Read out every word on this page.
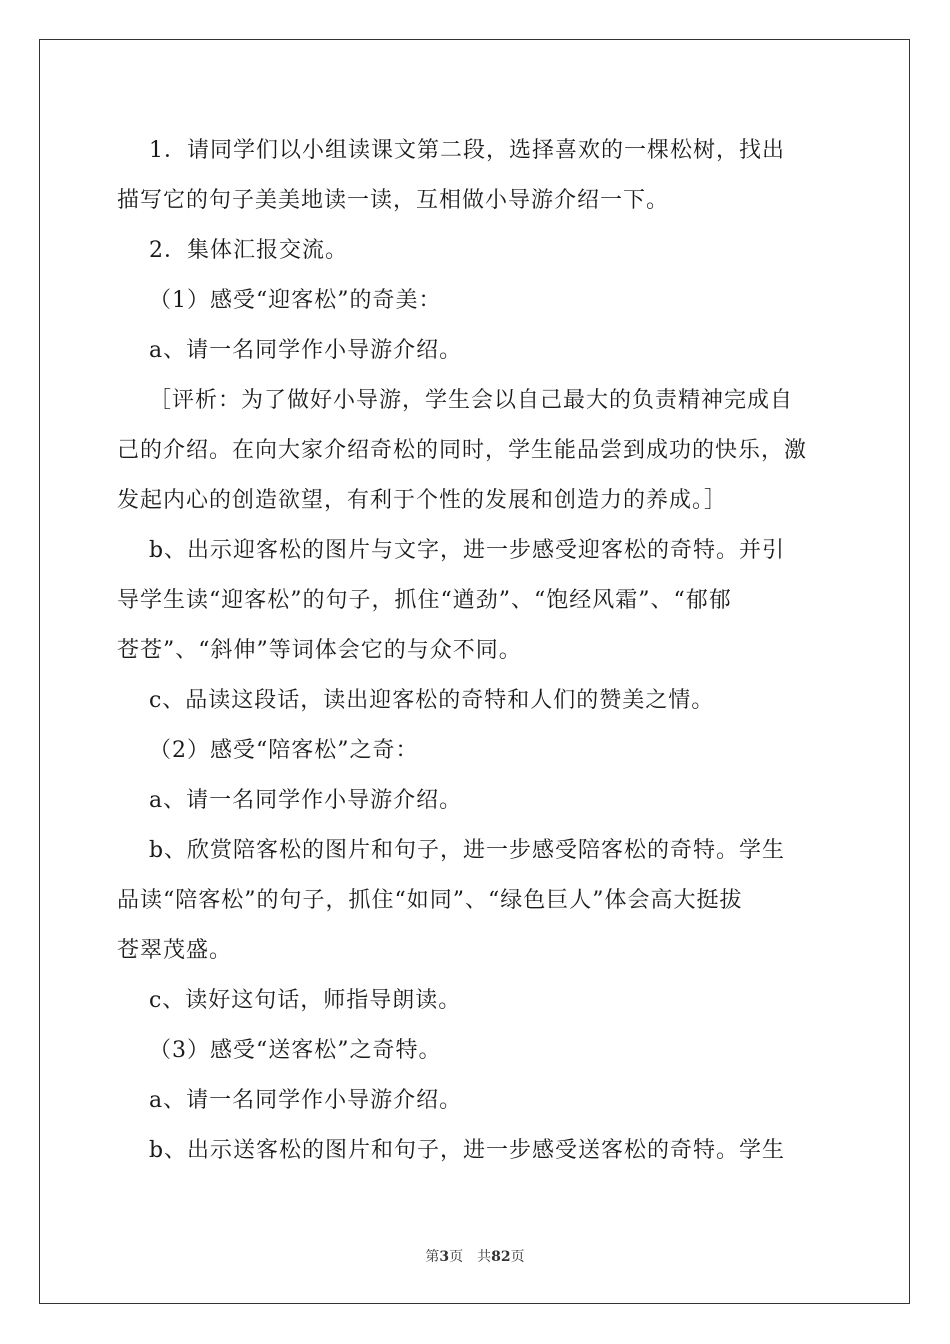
1．请同学们以小组读课文第二段，选择喜欢的一棵松树，找出

描写它的句子美美地读一读，互相做小导游介绍一下。

2．集体汇报交流。

（1）感受“迎客松”的奇美：

a、请一名同学作小导游介绍。

［评析：为了做好小导游，学生会以自己最大的负责精神完成自

己的介绍。在向大家介绍奇松的同时，学生能品尝到成功的快乐，激

发起内心的创造欲望，有利于个性的发展和创造力的养成。］

b、出示迎客松的图片与文字，进一步感受迎客松的奇特。并引

导学生读“迎客松”的句子，抓住“遒劲”、“饱经风霜”、“郁郁

苍苍”、“斜伸”等词体会它的与众不同。

c、品读这段话，读出迎客松的奇特和人们的赞美之情。

（2）感受“陪客松”之奇：

a、请一名同学作小导游介绍。

b、欣赏陪客松的图片和句子，进一步感受陪客松的奇特。学生

品读“陪客松”的句子，抓住“如同”、“绿色巨人”体会高大挺拔

苍翠茂盛。

c、读好这句话，师指导朗读。

（3）感受“送客松”之奇特。

a、请一名同学作小导游介绍。

b、出示送客松的图片和句子，进一步感受送客松的奇特。学生

第3页 共82页
